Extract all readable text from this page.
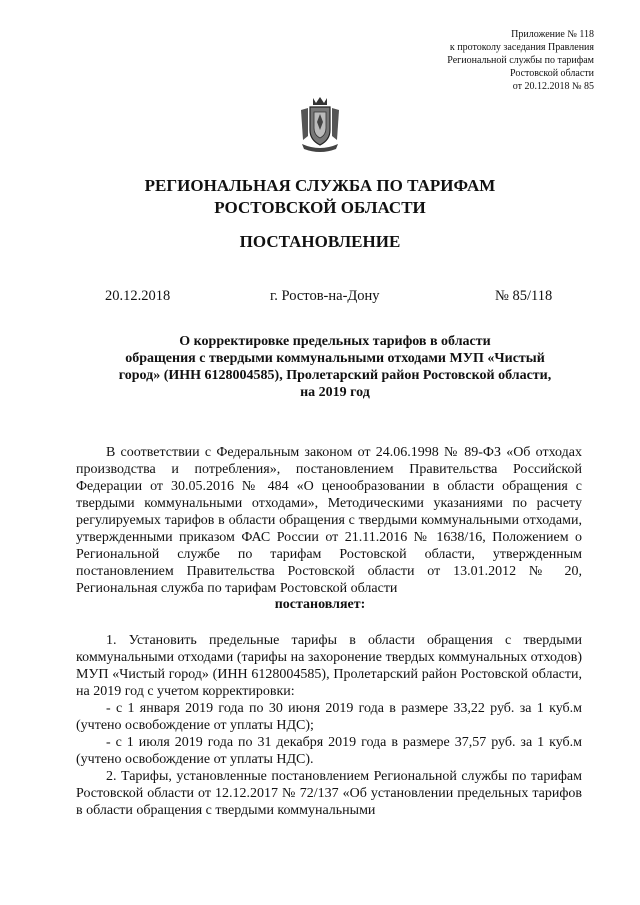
Приложение № 118
к протоколу заседания Правления
Региональной службы по тарифам
Ростовской области
от 20.12.2018 № 85
РЕГИОНАЛЬНАЯ СЛУЖБА ПО ТАРИФАМ
РОСТОВСКОЙ ОБЛАСТИ
ПОСТАНОВЛЕНИЕ
20.12.2018	г. Ростов-на-Дону	№ 85/118
О корректировке предельных тарифов в области
обращения с твердыми коммунальными отходами МУП «Чистый
город» (ИНН 6128004585), Пролетарский район Ростовской области,
на 2019 год

В соответствии с Федеральным законом от 24.06.1998 № 89-ФЗ «Об отходах производства и потребления», постановлением Правительства Российской Федерации от 30.05.2016 № 484 «О ценообразовании в области обращения с твердыми коммунальными отходами», Методическими указаниями по расчету регулируемых тарифов в области обращения с твердыми коммунальными отходами, утвержденными приказом ФАС России от 21.11.2016 № 1638/16, Положением о Региональной службе по тарифам Ростовской области, утвержденным постановлением Правительства Ростовской области от 13.01.2012 № 20, Региональная служба по тарифам Ростовской области

постановляет:

1. Установить предельные тарифы в области обращения с твердыми коммунальными отходами (тарифы на захоронение твердых коммунальных отходов) МУП «Чистый город» (ИНН 6128004585), Пролетарский район Ростовской области, на 2019 год с учетом корректировки:

- с 1 января 2019 года по 30 июня 2019 года в размере 33,22 руб. за 1 куб.м (учтено освобождение от уплаты НДС);

- с 1 июля 2019 года по 31 декабря 2019 года в размере 37,57 руб. за 1 куб.м (учтено освобождение от уплаты НДС).

2. Тарифы, установленные постановлением Региональной службы по тарифам Ростовской области от 12.12.2017 № 72/137 «Об установлении предельных тарифов в области обращения с твердыми коммунальными
